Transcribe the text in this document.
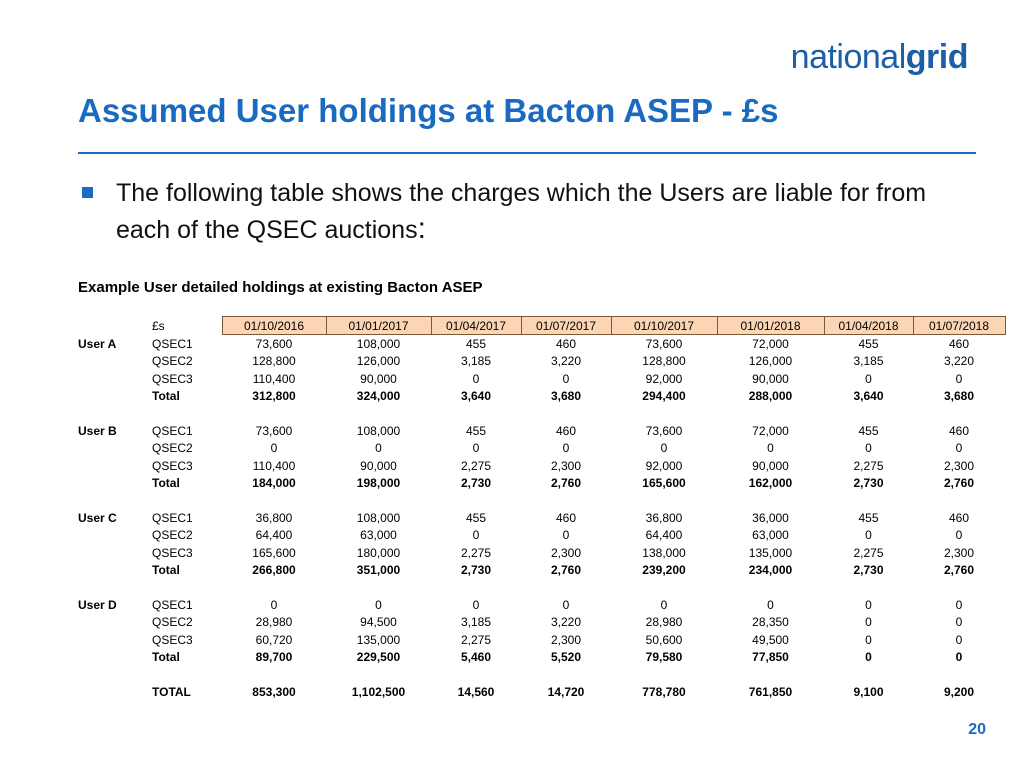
nationalgrid
Assumed User holdings at Bacton ASEP - £s
The following table shows the charges which the Users are liable for from each of the QSEC auctions:
Example User detailed holdings at existing Bacton ASEP
	£s	01/10/2016	01/01/2017	01/04/2017	01/07/2017	01/10/2017	01/01/2018	01/04/2018	01/07/2018
User A	QSEC1	73,600	108,000	455	460	73,600	72,000	455	460
	QSEC2	128,800	126,000	3,185	3,220	128,800	126,000	3,185	3,220
	QSEC3	110,400	90,000	0	0	92,000	90,000	0	0
	Total	312,800	324,000	3,640	3,680	294,400	288,000	3,640	3,680

User B	QSEC1	73,600	108,000	455	460	73,600	72,000	455	460
	QSEC2	0	0	0	0	0	0	0	0
	QSEC3	110,400	90,000	2,275	2,300	92,000	90,000	2,275	2,300
	Total	184,000	198,000	2,730	2,760	165,600	162,000	2,730	2,760

User C	QSEC1	36,800	108,000	455	460	36,800	36,000	455	460
	QSEC2	64,400	63,000	0	0	64,400	63,000	0	0
	QSEC3	165,600	180,000	2,275	2,300	138,000	135,000	2,275	2,300
	Total	266,800	351,000	2,730	2,760	239,200	234,000	2,730	2,760

User D	QSEC1	0	0	0	0	0	0	0	0
	QSEC2	28,980	94,500	3,185	3,220	28,980	28,350	0	0
	QSEC3	60,720	135,000	2,275	2,300	50,600	49,500	0	0
	Total	89,700	229,500	5,460	5,520	79,580	77,850	0	0

	TOTAL	853,300	1,102,500	14,560	14,720	778,780	761,850	9,100	9,200
20
